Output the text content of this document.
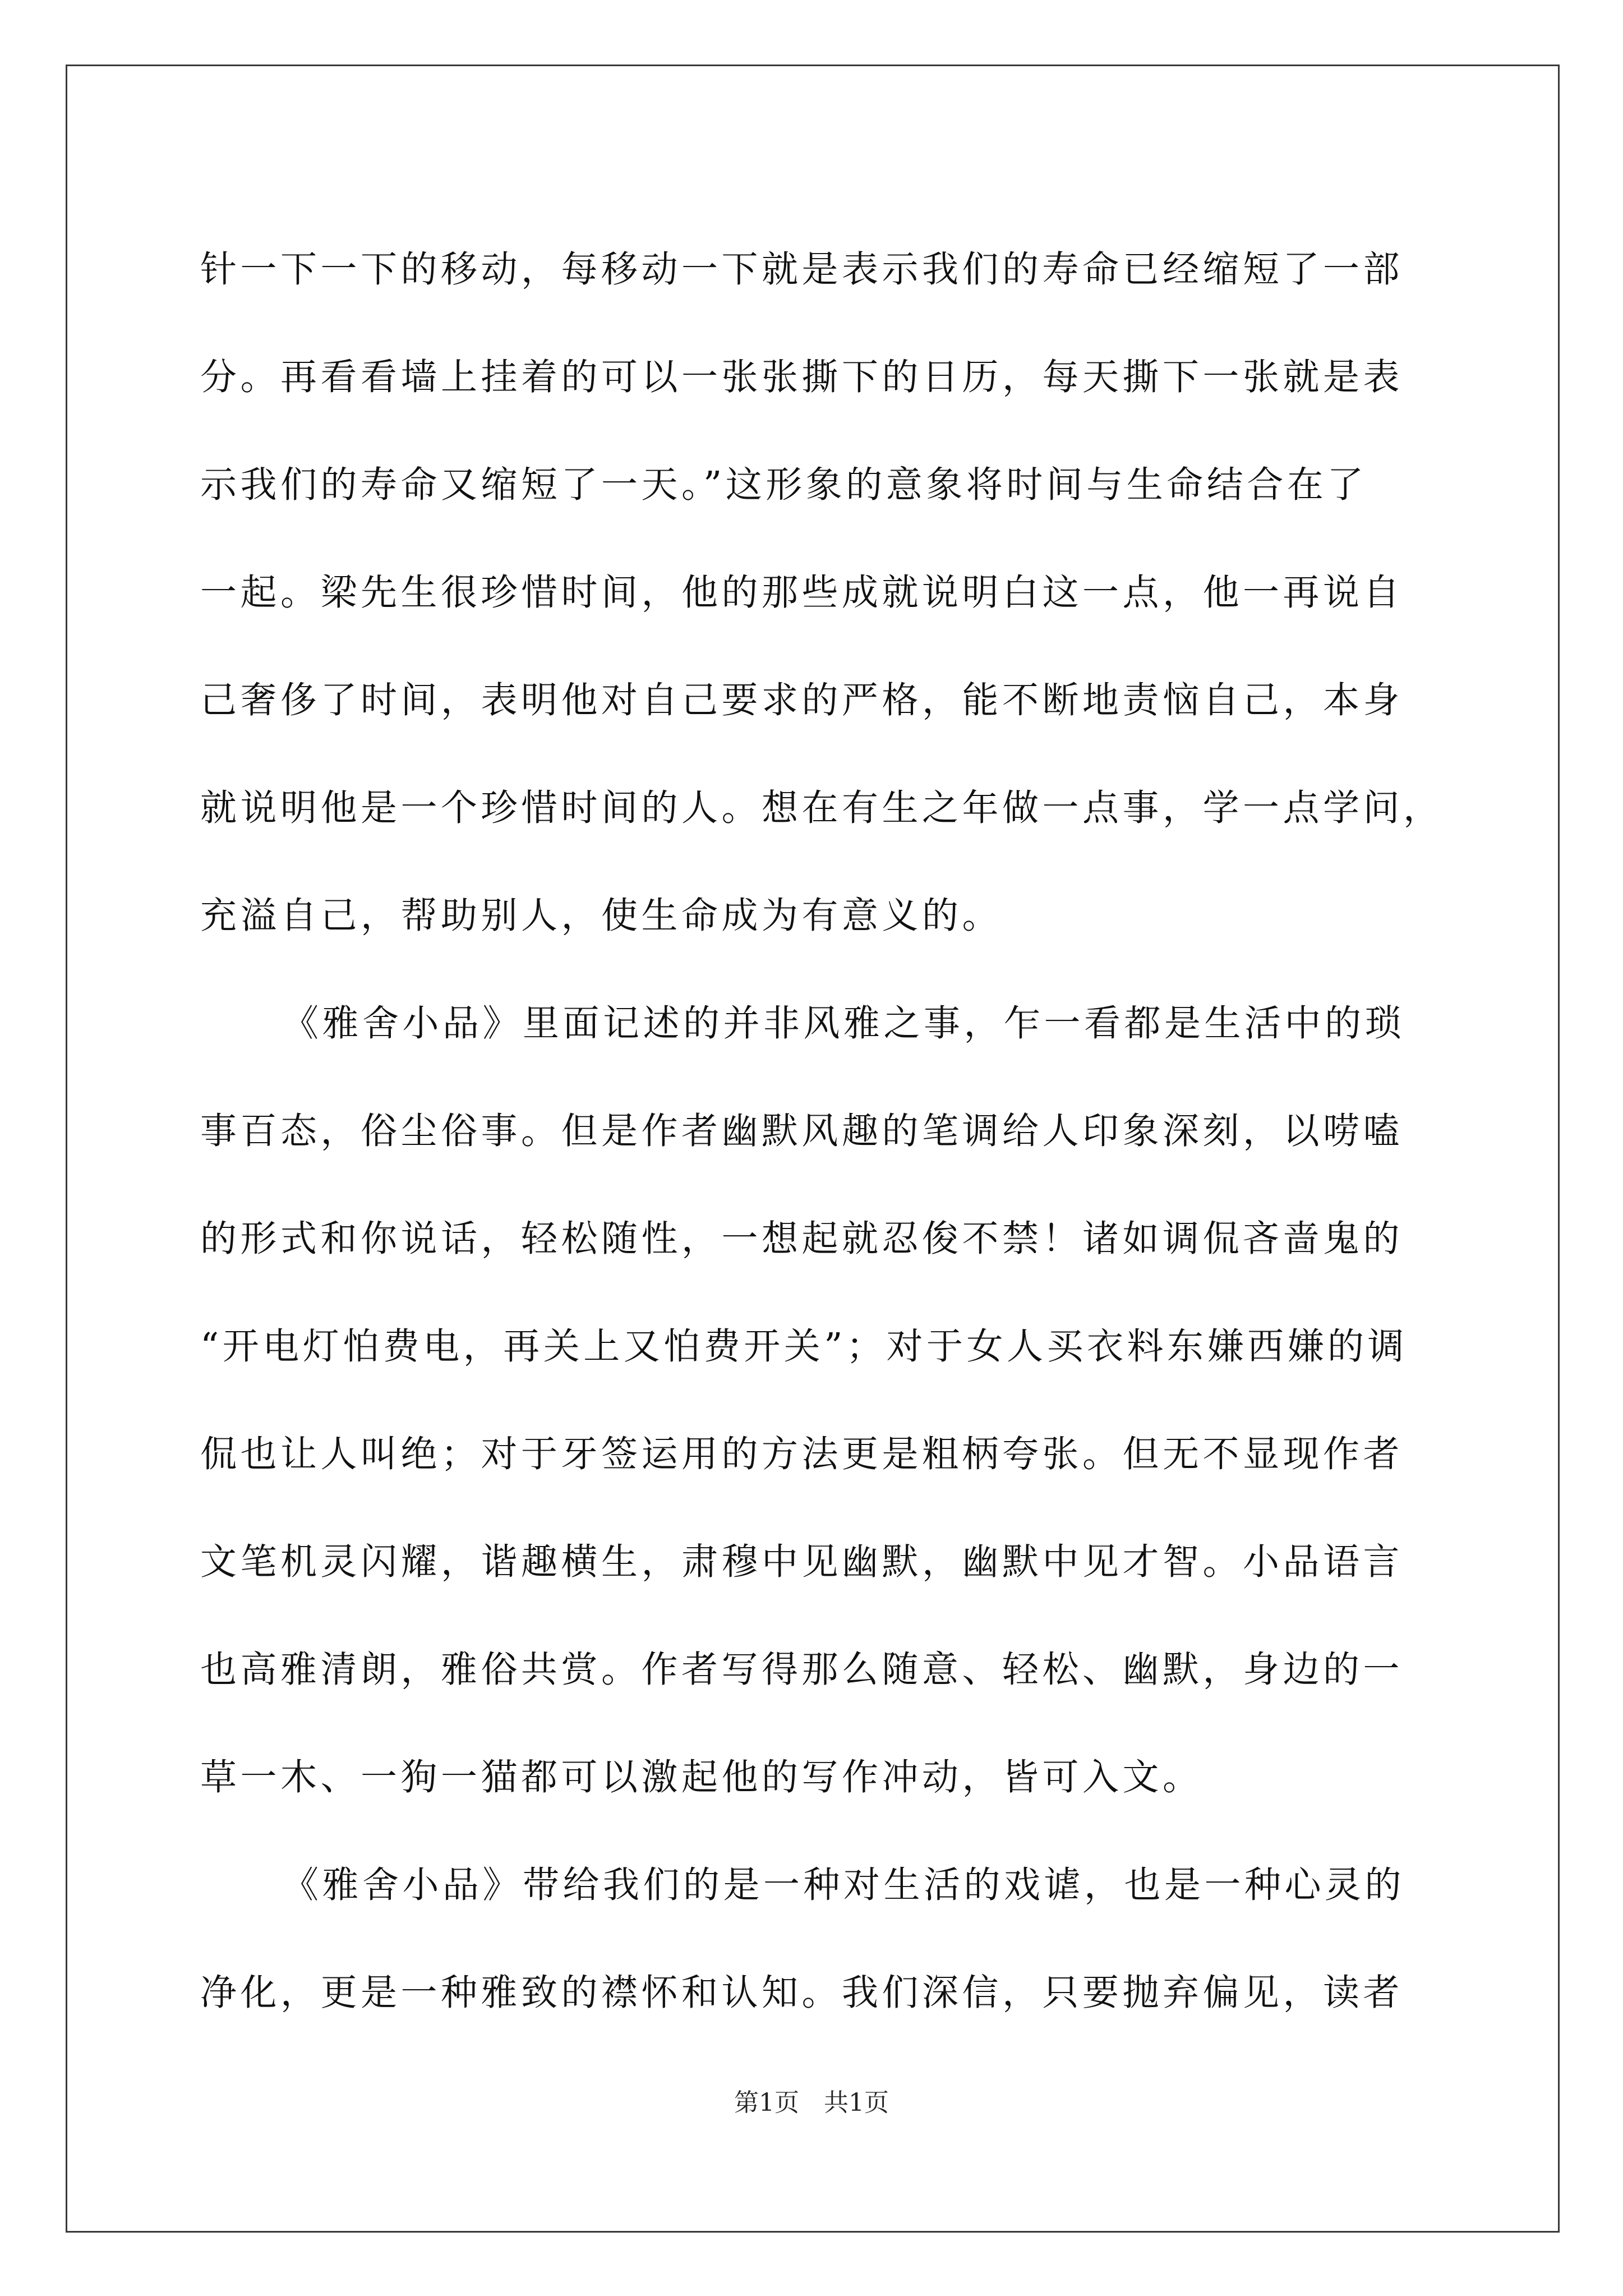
针一下一下的移动，每移动一下就是表示我们的寿命已经缩短了一部
分。再看看墙上挂着的可以一张张撕下的日历，每天撕下一张就是表
示我们的寿命又缩短了一天。”这形象的意象将时间与生命结合在了
一起。梁先生很珍惜时间，他的那些成就说明白这一点，他一再说自
己奢侈了时间，表明他对自己要求的严格，能不断地责恼自己，本身
就说明他是一个珍惜时间的人。想在有生之年做一点事，学一点学问，
充溢自己，帮助别人，使生命成为有意义的。
《雅舍小品》里面记述的并非风雅之事，乍一看都是生活中的琐
事百态，俗尘俗事。但是作者幽默风趣的笔调给人印象深刻，以唠嗑
的形式和你说话，轻松随性，一想起就忍俊不禁！诸如调侃吝啬鬼的
“开电灯怕费电，再关上又怕费开关”；对于女人买衣料东嫌西嫌的调
侃也让人叫绝；对于牙签运用的方法更是粗柄夸张。但无不显现作者
文笔机灵闪耀，谐趣横生，肃穆中见幽默，幽默中见才智。小品语言
也高雅清朗，雅俗共赏。作者写得那么随意、轻松、幽默，身边的一
草一木、一狗一猫都可以激起他的写作冲动，皆可入文。
《雅舍小品》带给我们的是一种对生活的戏谑，也是一种心灵的
净化，更是一种雅致的襟怀和认知。我们深信，只要抛弃偏见，读者
第1页　共1页
